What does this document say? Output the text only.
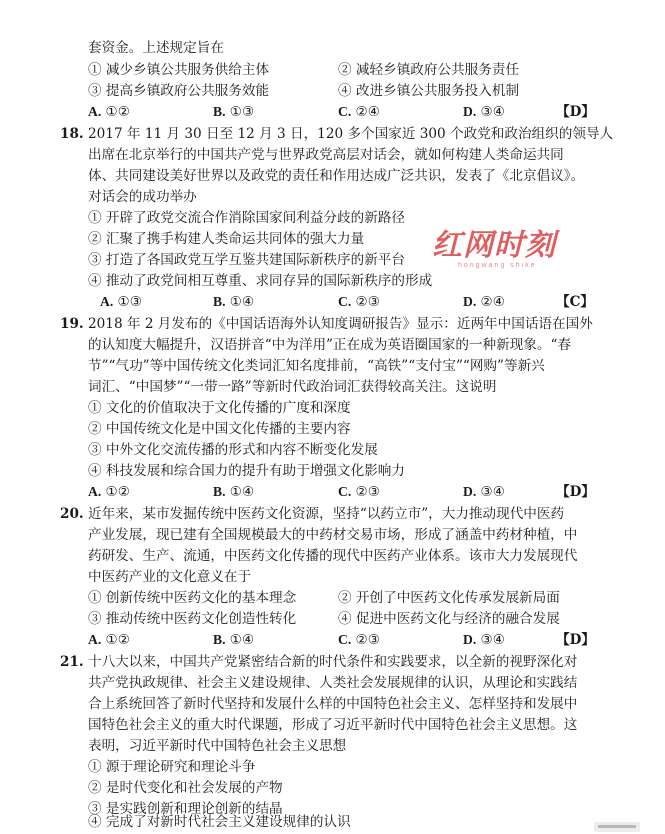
套资金。上述规定旨在
① 减少乡镇公共服务供给主体	② 减轻乡镇政府公共服务责任
③ 提高乡镇政府公共服务效能	④ 改进乡镇公共服务投入机制
A. ①②	B. ①③	C. ②④	D. ③④	【D】
18. 2017 年 11 月 30 日至 12 月 3 日，120 多个国家近 300 个政党和政治组织的领导人
出席在北京举行的中国共产党与世界政党高层对话会，就如何构建人类命运共同
体、共同建设美好世界以及政党的责任和作用达成广泛共识，发表了《北京倡议》。
对话会的成功举办
① 开辟了政党交流合作消除国家间利益分歧的新路径
② 汇聚了携手构建人类命运共同体的强大力量
③ 打造了各国政党互学互鉴共建国际新秩序的新平台
④ 推动了政党间相互尊重、求同存异的国际新秩序的形成
A. ①③	B. ①④	C. ②③	D. ②④	【C】
红网时刻
hongwang shike
19. 2018 年 2 月发布的《中国话语海外认知度调研报告》显示：近两年中国话语在国外
的认知度大幅提升，汉语拼音“中为洋用”正在成为英语圈国家的一种新现象。“春
节”“气功”等中国传统文化类词汇知名度排前，“高铁”“支付宝”“网购”等新兴
词汇、“中国梦”“一带一路”等新时代政治词汇获得较高关注。这说明
① 文化的价值取决于文化传播的广度和深度
② 中国传统文化是中国文化传播的主要内容
③ 中外文化交流传播的形式和内容不断变化发展
④ 科技发展和综合国力的提升有助于增强文化影响力
A. ①②	B. ①④	C. ②③	D. ③④	【D】
20. 近年来，某市发掘传统中医药文化资源，坚持“以药立市”，大力推动现代中医药
产业发展，现已建有全国规模最大的中药材交易市场，形成了涵盖中药材种植，中
药研发、生产、流通，中医药文化传播的现代中医药产业体系。该市大力发展现代
中医药产业的文化意义在于
① 创新传统中医药文化的基本理念	② 开创了中医药文化传承发展新局面
③ 推动传统中医药文化创造性转化	④ 促进中医药文化与经济的融合发展
A. ①②	B. ①④	C. ②③	D. ③④	【D】
21. 十八大以来，中国共产党紧密结合新的时代条件和实践要求，以全新的视野深化对
共产党执政规律、社会主义建设规律、人类社会发展规律的认识，从理论和实践结
合上系统回答了新时代坚持和发展什么样的中国特色社会主义、怎样坚持和发展中
国特色社会主义的重大时代课题，形成了习近平新时代中国特色社会主义思想。这
表明，习近平新时代中国特色社会主义思想
① 源于理论研究和理论斗争
② 是时代变化和社会发展的产物
③ 是实践创新和理论创新的结晶
④ 完成了对新时代社会主义建设规律的认识
